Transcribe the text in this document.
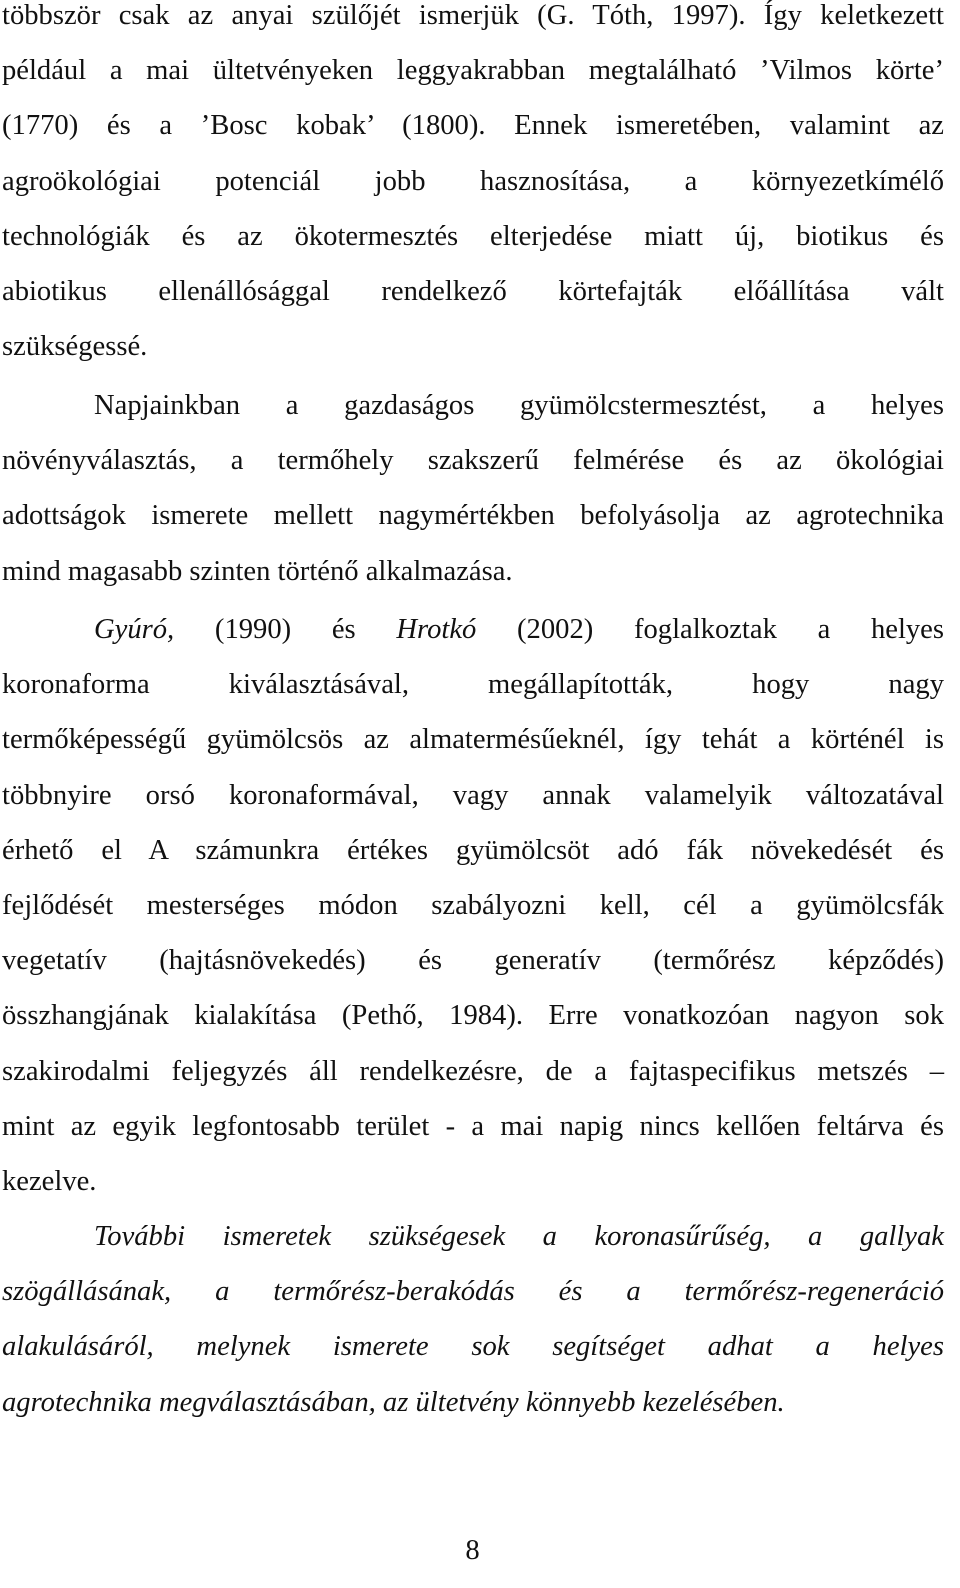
többször csak az anyai szülőjét ismerjük (G. Tóth, 1997). Így keletkezett
például a mai ültetvényeken leggyakrabban megtalálható ’Vilmos körte’
(1770) és a ’Bosc kobak’ (1800). Ennek ismeretében, valamint az
agroökológiai potenciál jobb hasznosítása, a környezetkímélő
technológiák és az ökotermesztés elterjedése miatt új, biotikus és
abiotikus ellenállósággal rendelkező körtefajták előállítása vált
szükségessé.

Napjainkban a gazdaságos gyümölcstermesztést, a helyes
növényválasztás, a termőhely szakszerű felmérése és az ökológiai
adottságok ismerete mellett nagymértékben befolyásolja az agrotechnika
mind magasabb szinten történő alkalmazása.

Gyúró, (1990) és Hrotkó (2002) foglalkoztak a helyes
koronaforma kiválasztásával, megállapították, hogy nagy
termőképességű gyümölcsös az almatermésűeknél, így tehát a körténél is
többnyire orsó koronaformával, vagy annak valamelyik változatával
érhető el A számunkra értékes gyümölcsöt adó fák növekedését és
fejlődését mesterséges módon szabályozni kell, cél a gyümölcsfák
vegetatív (hajtásnövekedés) és generatív (termőrész képződés)
összhangjának kialakítása (Pethő, 1984). Erre vonatkozóan nagyon sok
szakirodalmi feljegyzés áll rendelkezésre, de a fajtaspecifikus metszés –
mint az egyik legfontosabb terület - a mai napig nincs kellően feltárva és
kezelve.

További ismeretek szükségesek a koronasűrűség, a gallyak
szögállásának, a termőrész-berakódás és a termőrész-regeneráció
alakulásáról, melynek ismerete sok segítséget adhat a helyes
agrotechnika megválasztásában, az ültetvény könnyebb kezelésében.

8
